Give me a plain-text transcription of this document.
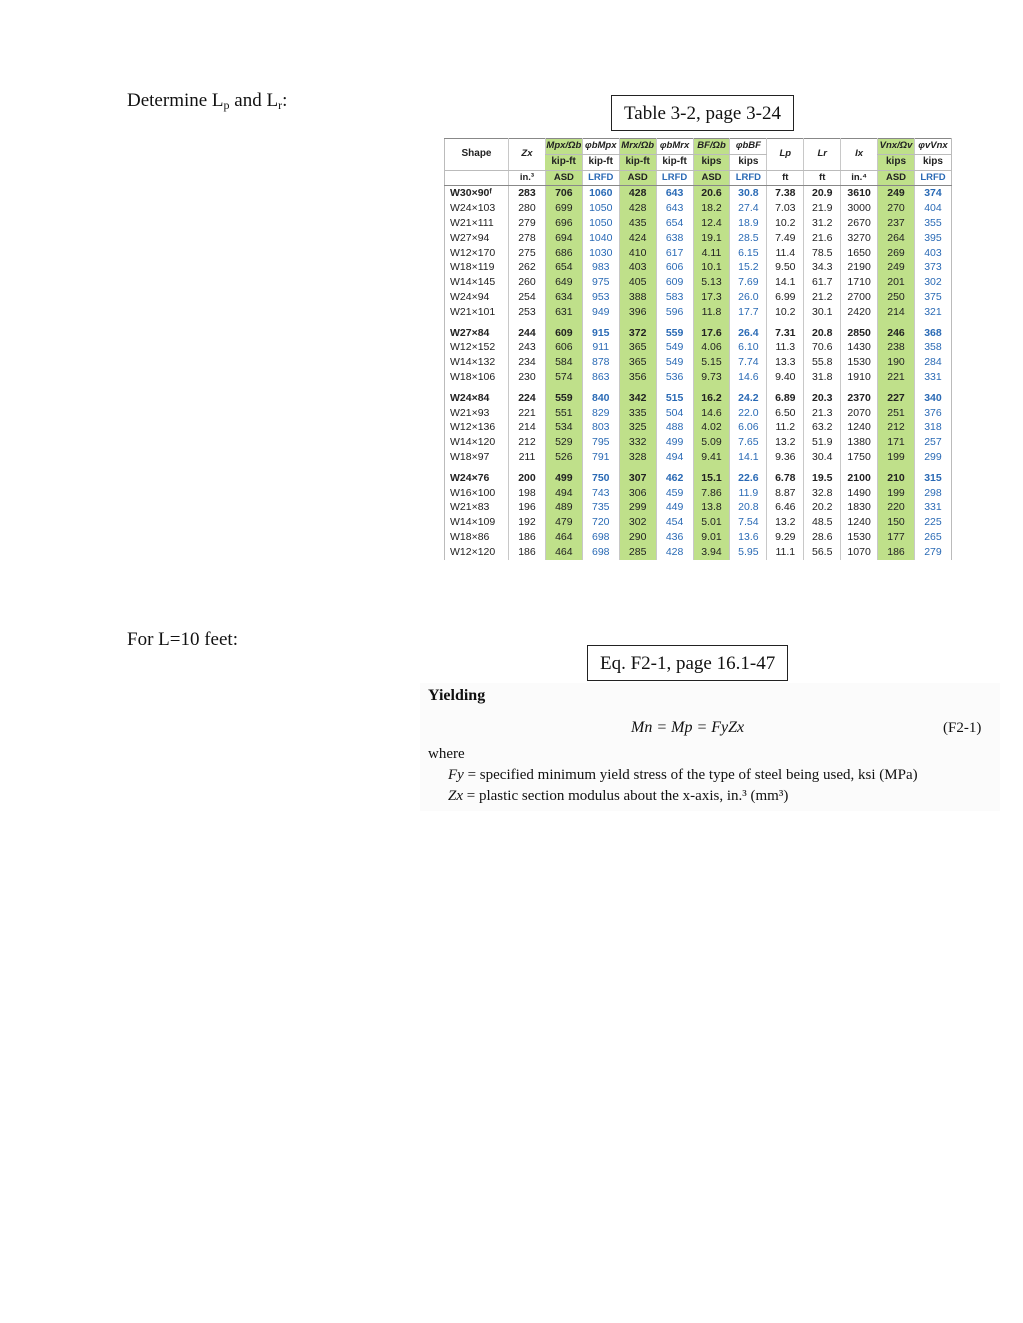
Determine $L_p$ and $L_r$:
Table 3-2, page 3-24
Shape	Zx	Mpx/Ωb	φbMpx	Mrx/Ωb	φbMrx	BF/Ωb	φbBF	Lp	Lr	Ix	Vnx/Ωv	φvVnx
		kip-ft	kip-ft	kip-ft	kip-ft	kips	kips				kips	kips
	in.³	ASD	LRFD	ASD	LRFD	ASD	LRFD	ft	ft	in.⁴	ASD	LRFD
W30×90ᶠ	283	706	1060	428	643	20.6	30.8	7.38	20.9	3610	249	374
W24×103	280	699	1050	428	643	18.2	27.4	7.03	21.9	3000	270	404
W21×111	279	696	1050	435	654	12.4	18.9	10.2	31.2	2670	237	355
W27×94	278	694	1040	424	638	19.1	28.5	7.49	21.6	3270	264	395
W12×170	275	686	1030	410	617	4.11	6.15	11.4	78.5	1650	269	403
W18×119	262	654	983	403	606	10.1	15.2	9.50	34.3	2190	249	373
W14×145	260	649	975	405	609	5.13	7.69	14.1	61.7	1710	201	302
W24×94	254	634	953	388	583	17.3	26.0	6.99	21.2	2700	250	375
W21×101	253	631	949	396	596	11.8	17.7	10.2	30.1	2420	214	321

W27×84	244	609	915	372	559	17.6	26.4	7.31	20.8	2850	246	368
W12×152	243	606	911	365	549	4.06	6.10	11.3	70.6	1430	238	358
W14×132	234	584	878	365	549	5.15	7.74	13.3	55.8	1530	190	284
W18×106	230	574	863	356	536	9.73	14.6	9.40	31.8	1910	221	331

W24×84	224	559	840	342	515	16.2	24.2	6.89	20.3	2370	227	340
W21×93	221	551	829	335	504	14.6	22.0	6.50	21.3	2070	251	376
W12×136	214	534	803	325	488	4.02	6.06	11.2	63.2	1240	212	318
W14×120	212	529	795	332	499	5.09	7.65	13.2	51.9	1380	171	257
W18×97	211	526	791	328	494	9.41	14.1	9.36	30.4	1750	199	299

W24×76	200	499	750	307	462	15.1	22.6	6.78	19.5	2100	210	315
W16×100	198	494	743	306	459	7.86	11.9	8.87	32.8	1490	199	298
W21×83	196	489	735	299	449	13.8	20.8	6.46	20.2	1830	220	331
W14×109	192	479	720	302	454	5.01	7.54	13.2	48.5	1240	150	225
W18×86	186	464	698	290	436	9.01	13.6	9.29	28.6	1530	177	265
W12×120	186	464	698	285	428	3.94	5.95	11.1	56.5	1070	186	279
For L=10 feet:
Eq. F2-1, page 16.1-47
Yielding
Mn = Mp = FyZx	(F2-1)
where
Fy = specified minimum yield stress of the type of steel being used, ksi (MPa)
Zx = plastic section modulus about the x-axis, in.³ (mm³)
